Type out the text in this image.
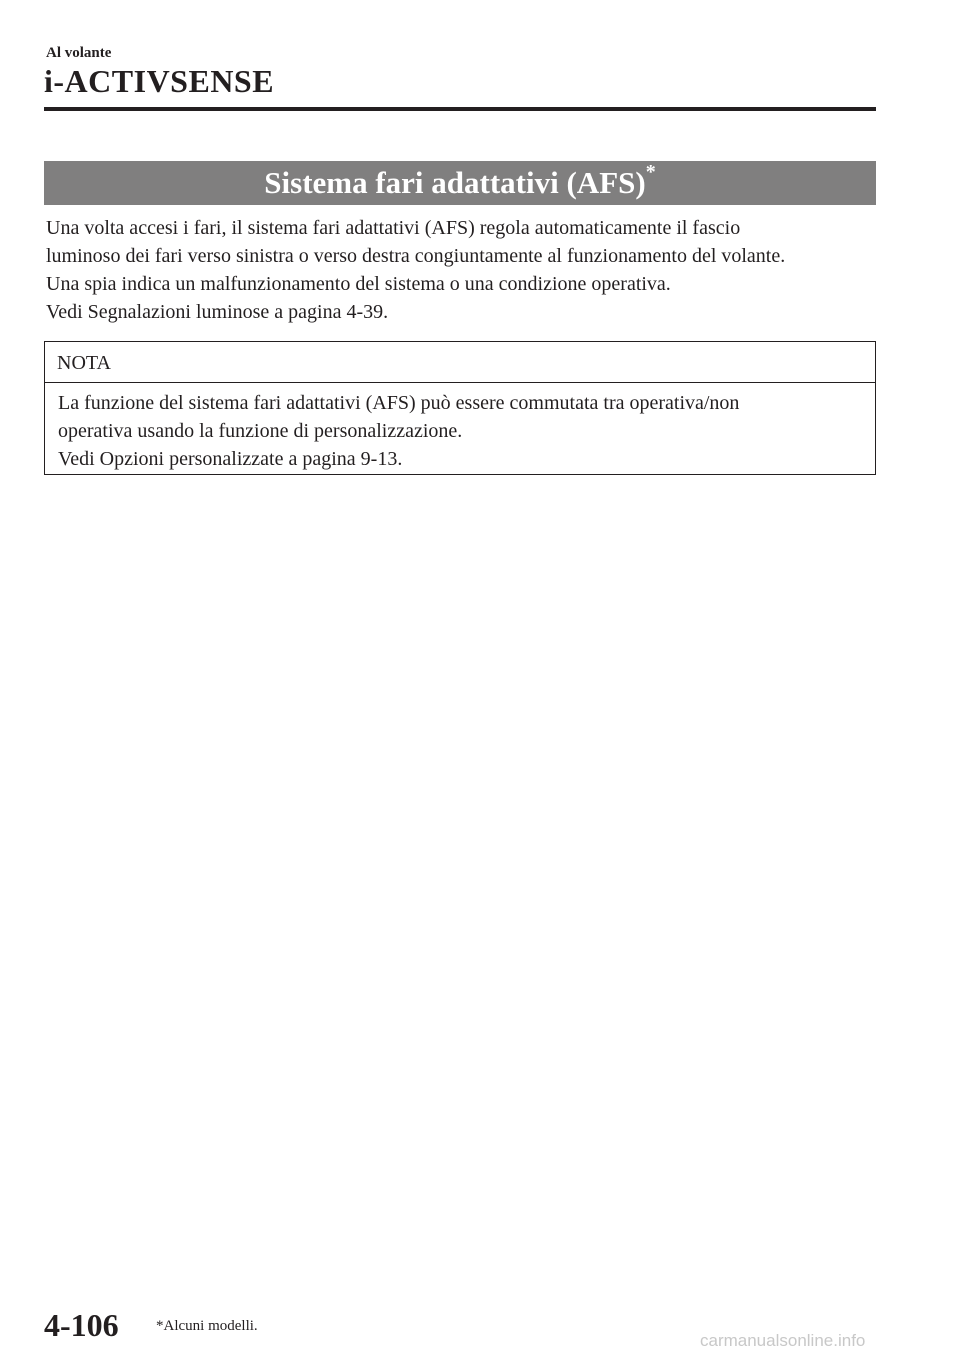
Al volante
i-ACTIVSENSE
Sistema fari adattativi (AFS)*

Una volta accesi i fari, il sistema fari adattativi (AFS) regola automaticamente il fascio

luminoso dei fari verso sinistra o verso destra congiuntamente al funzionamento del volante.

Una spia indica un malfunzionamento del sistema o una condizione operativa.

Vedi Segnalazioni luminose a pagina 4-39.

NOTA

La funzione del sistema fari adattativi (AFS) può essere commutata tra operativa/non

operativa usando la funzione di personalizzazione.

Vedi Opzioni personalizzate a pagina 9-13.

4-106 *Alcuni modelli.
carmanualsonline.info
